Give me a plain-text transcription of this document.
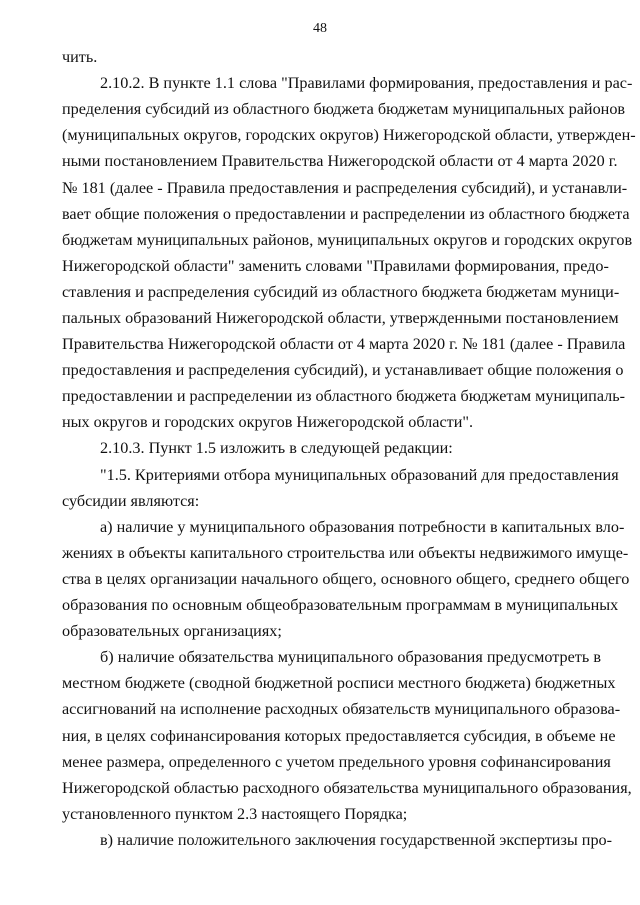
48
чить.
2.10.2. В пункте 1.1 слова "Правилами формирования, предоставления и рас-
пределения субсидий из областного бюджета бюджетам муниципальных районов
(муниципальных округов, городских округов) Нижегородской области, утвержден-
ными постановлением Правительства Нижегородской области от 4 марта 2020 г.
№ 181 (далее - Правила предоставления и распределения субсидий), и устанавли-
вает общие положения о предоставлении и распределении из областного бюджета
бюджетам муниципальных районов, муниципальных округов и городских округов
Нижегородской области" заменить словами "Правилами формирования, предо-
ставления и распределения субсидий из областного бюджета бюджетам муници-
пальных образований Нижегородской области, утвержденными постановлением
Правительства Нижегородской области от 4 марта 2020 г. № 181 (далее - Правила
предоставления и распределения субсидий), и устанавливает общие положения о
предоставлении и распределении из областного бюджета бюджетам муниципаль-
ных округов и городских округов Нижегородской области".
2.10.3. Пункт 1.5 изложить в следующей редакции:
"1.5. Критериями отбора муниципальных образований для предоставления
субсидии являются:
а) наличие у муниципального образования потребности в капитальных вло-
жениях в объекты капитального строительства или объекты недвижимого имуще-
ства в целях организации начального общего, основного общего, среднего общего
образования по основным общеобразовательным программам в муниципальных
образовательных организациях;
б) наличие обязательства муниципального образования предусмотреть в
местном бюджете (сводной бюджетной росписи местного бюджета) бюджетных
ассигнований на исполнение расходных обязательств муниципального образова-
ния, в целях софинансирования которых предоставляется субсидия, в объеме не
менее размера, определенного с учетом предельного уровня софинансирования
Нижегородской областью расходного обязательства муниципального образования,
установленного пунктом 2.3 настоящего Порядка;
в) наличие положительного заключения государственной экспертизы про-
